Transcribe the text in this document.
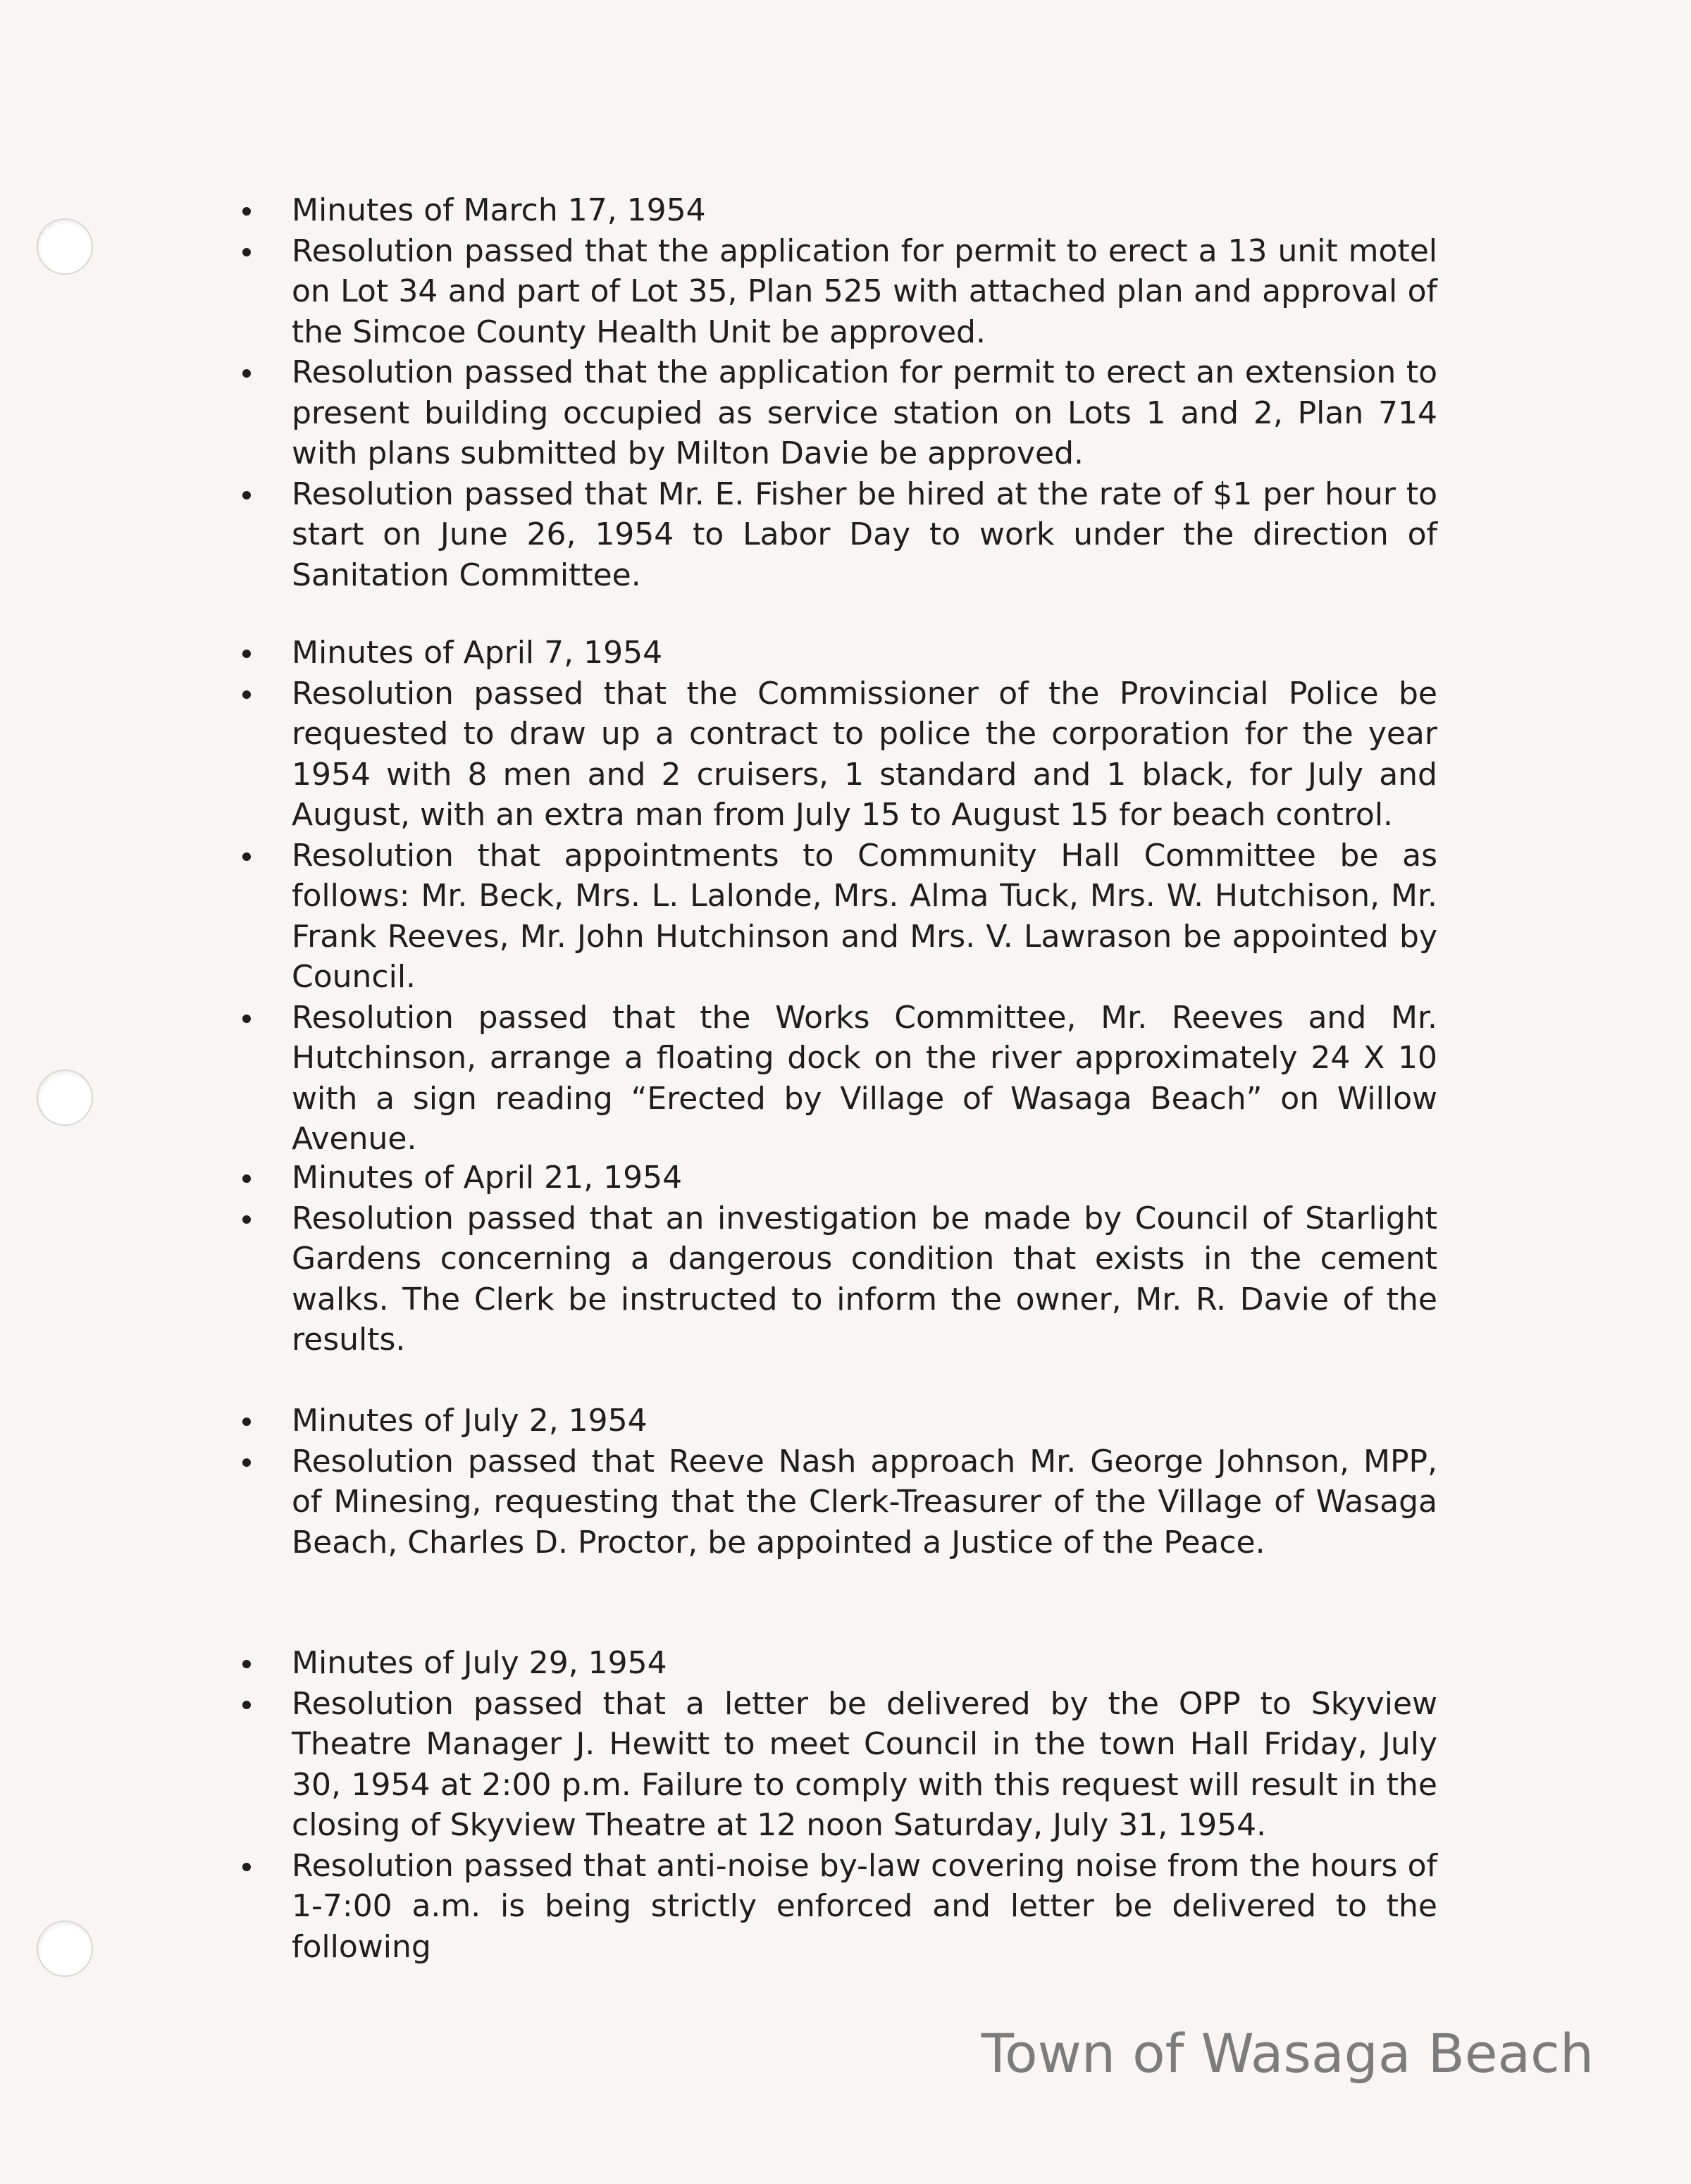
Minutes of March 17, 1954
Resolution passed that the application for permit to erect a 13 unit motel on Lot 34 and part of Lot 35, Plan 525 with attached plan and approval of the Simcoe County Health Unit be approved.
Resolution passed that the application for permit to erect an extension to present building occupied as service station on Lots 1 and 2, Plan 714 with plans submitted by Milton Davie be approved.
Resolution passed that Mr. E. Fisher be hired at the rate of $1 per hour to start on June 26, 1954 to Labor Day to work under the direction of Sanitation Committee.
Minutes of April 7, 1954
Resolution passed that the Commissioner of the Provincial Police be requested to draw up a contract to police the corporation for the year 1954 with 8 men and 2 cruisers, 1 standard and 1 black, for July and August, with an extra man from July 15 to August 15 for beach control.
Resolution that appointments to Community Hall Committee be as follows: Mr. Beck, Mrs. L. Lalonde, Mrs. Alma Tuck, Mrs. W. Hutchison, Mr. Frank Reeves, Mr. John Hutchinson and Mrs. V. Lawrason be appointed by Council.
Resolution passed that the Works Committee, Mr. Reeves and Mr. Hutchinson, arrange a floating dock on the river approximately 24 X 10 with a sign reading “Erected by Village of Wasaga Beach” on Willow Avenue.
Minutes of April 21, 1954
Resolution passed that an investigation be made by Council of Starlight Gardens concerning a dangerous condition that exists in the cement walks. The Clerk be instructed to inform the owner, Mr. R. Davie of the results.
Minutes of July 2, 1954
Resolution passed that Reeve Nash approach Mr. George Johnson, MPP, of Minesing, requesting that the Clerk-Treasurer of the Village of Wasaga Beach, Charles D. Proctor, be appointed a Justice of the Peace.
Minutes of July 29, 1954
Resolution passed that a letter be delivered by the OPP to Skyview Theatre Manager J. Hewitt to meet Council in the town Hall Friday, July 30, 1954 at 2:00 p.m. Failure to comply with this request will result in the closing of Skyview Theatre at 12 noon Saturday, July 31, 1954.
Resolution passed that anti-noise by-law covering noise from the hours of 1-7:00 a.m. is being strictly enforced and letter be delivered to the following
Town of Wasaga Beach
